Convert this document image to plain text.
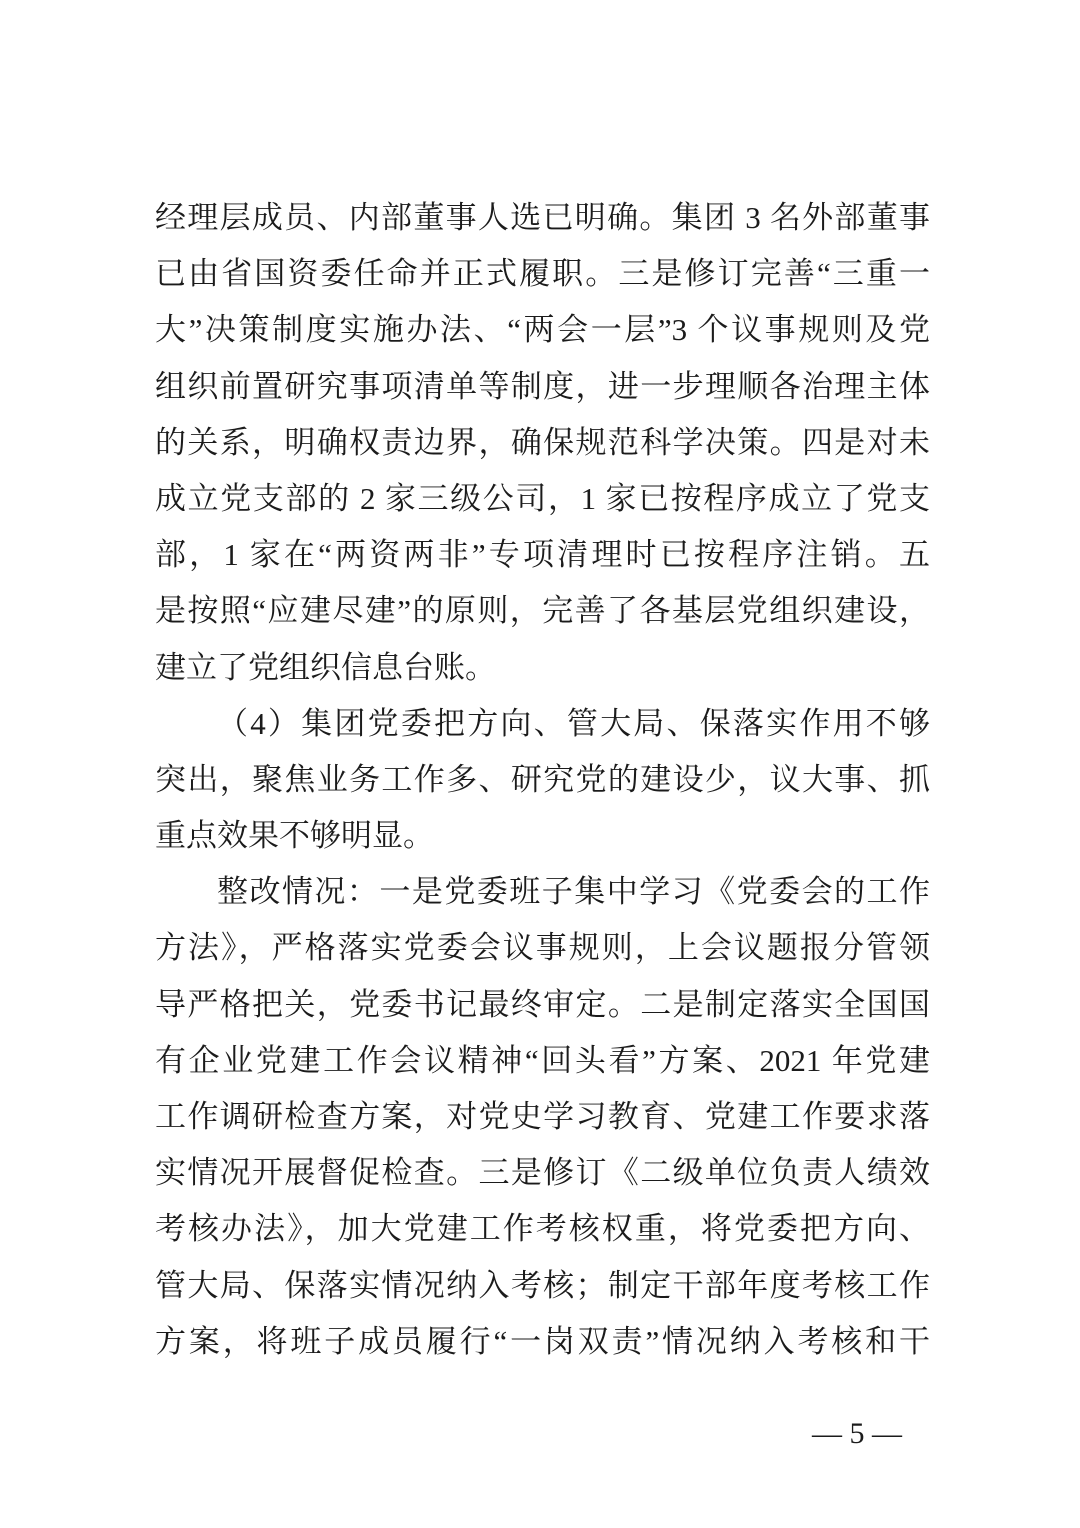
经理层成员、内部董事人选已明确。集团 3 名外部董事
已由省国资委任命并正式履职。三是修订完善“三重一
大”决策制度实施办法、“两会一层”3 个议事规则及党
组织前置研究事项清单等制度，进一步理顺各治理主体
的关系，明确权责边界，确保规范科学决策。四是对未
成立党支部的 2 家三级公司，1 家已按程序成立了党支
部，1 家在“两资两非”专项清理时已按程序注销。五
是按照“应建尽建”的原则，完善了各基层党组织建设，
建立了党组织信息台账。
（4）集团党委把方向、管大局、保落实作用不够
突出，聚焦业务工作多、研究党的建设少，议大事、抓
重点效果不够明显。
整改情况：一是党委班子集中学习《党委会的工作
方法》，严格落实党委会议事规则，上会议题报分管领
导严格把关，党委书记最终审定。二是制定落实全国国
有企业党建工作会议精神“回头看”方案、2021 年党建
工作调研检查方案，对党史学习教育、党建工作要求落
实情况开展督促检查。三是修订《二级单位负责人绩效
考核办法》，加大党建工作考核权重，将党委把方向、
管大局、保落实情况纳入考核；制定干部年度考核工作
方案，将班子成员履行“一岗双责”情况纳入考核和干
— 5 —
